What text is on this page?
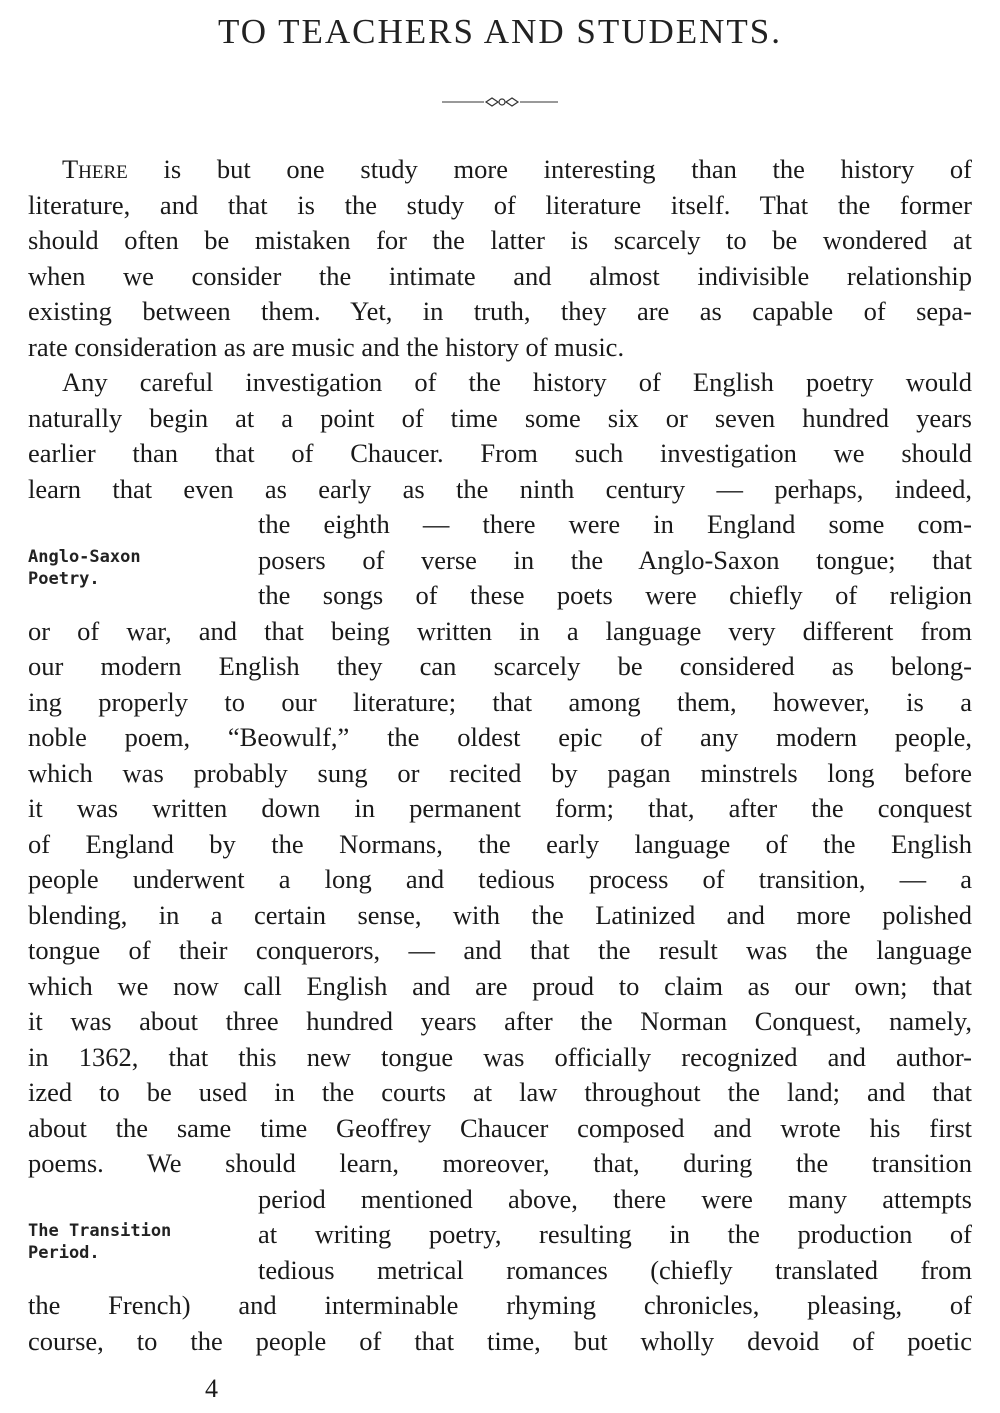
TO TEACHERS AND STUDENTS.
There is but one study more interesting than the history of
literature, and that is the study of literature itself. That the former
should often be mistaken for the latter is scarcely to be wondered at
when we consider the intimate and almost indivisible relationship
existing between them. Yet, in truth, they are as capable of sepa-
rate consideration as are music and the history of music.
Any careful investigation of the history of English poetry would
naturally begin at a point of time some six or seven hundred years
earlier than that of Chaucer. From such investigation we should
learn that even as early as the ninth century — perhaps, indeed,
the eighth — there were in England some com-
posers of verse in the Anglo-Saxon tongue; that
the songs of these poets were chiefly of religion
or of war, and that being written in a language very different from
our modern English they can scarcely be considered as belong-
ing properly to our literature; that among them, however, is a
noble poem, “Beowulf,” the oldest epic of any modern people,
which was probably sung or recited by pagan minstrels long before
it was written down in permanent form; that, after the conquest
of England by the Normans, the early language of the English
people underwent a long and tedious process of transition, — a
blending, in a certain sense, with the Latinized and more polished
tongue of their conquerors, — and that the result was the language
which we now call English and are proud to claim as our own; that
it was about three hundred years after the Norman Conquest, namely,
in 1362, that this new tongue was officially recognized and author-
ized to be used in the courts at law throughout the land; and that
about the same time Geoffrey Chaucer composed and wrote his first
poems. We should learn, moreover, that, during the transition
period mentioned above, there were many attempts
at writing poetry, resulting in the production of
tedious metrical romances (chiefly translated from
the French) and interminable rhyming chronicles, pleasing, of
course, to the people of that time, but wholly devoid of poetic
Anglo-Saxon
Poetry.
The Transition
Period.
4
